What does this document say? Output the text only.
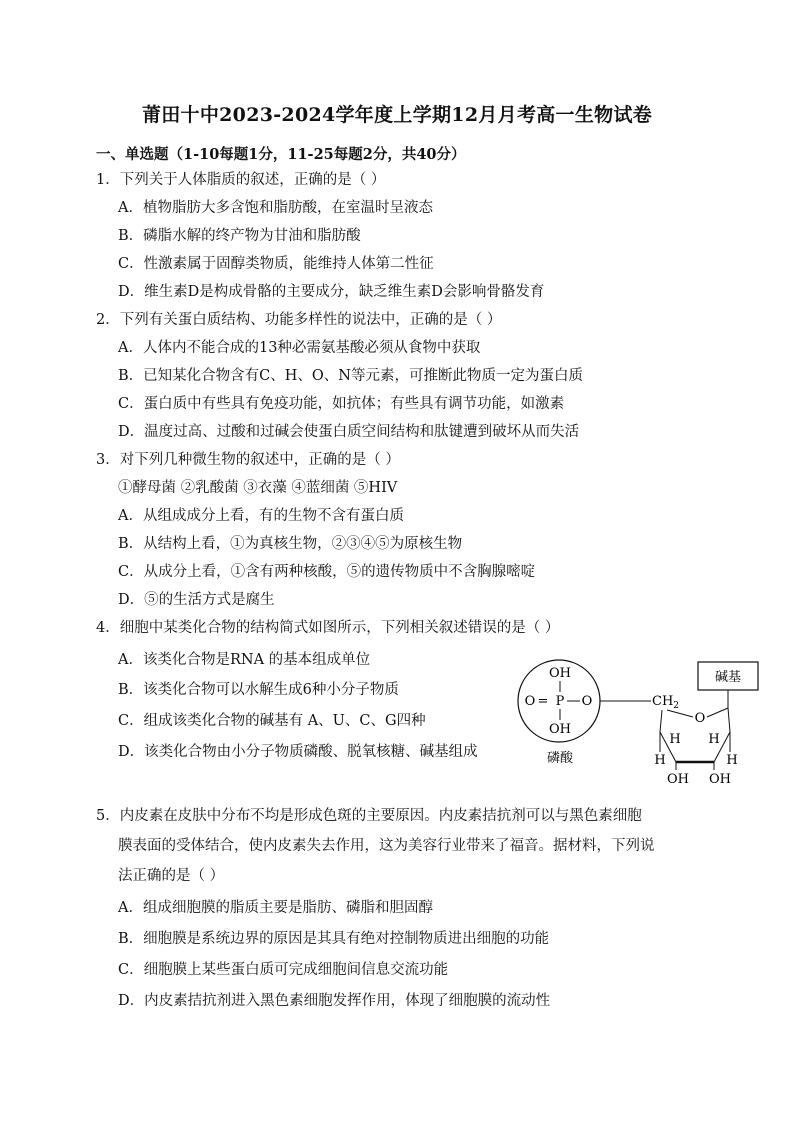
莆田十中2023-2024学年度上学期12月月考高一生物试卷
一、单选题（1-10每题1分，11-25每题2分，共40分）
1．下列关于人体脂质的叙述，正确的是（ ）
A．植物脂肪大多含饱和脂肪酸，在室温时呈液态
B．磷脂水解的终产物为甘油和脂肪酸
C．性激素属于固醇类物质，能维持人体第二性征
D．维生素D是构成骨骼的主要成分，缺乏维生素D会影响骨骼发育
2．下列有关蛋白质结构、功能多样性的说法中，正确的是（ ）
A．人体内不能合成的13种必需氨基酸必须从食物中获取
B．已知某化合物含有C、H、O、N等元素，可推断此物质一定为蛋白质
C．蛋白质中有些具有免疫功能，如抗体；有些具有调节功能，如激素
D．温度过高、过酸和过碱会使蛋白质空间结构和肽键遭到破坏从而失活
3．对下列几种微生物的叙述中，正确的是（ ）
①酵母菌 ②乳酸菌 ③衣藻 ④蓝细菌 ⑤HIV
A．从组成成分上看，有的生物不含有蛋白质
B．从结构上看，①为真核生物，②③④⑤为原核生物
C．从成分上看，①含有两种核酸，⑤的遗传物质中不含胸腺嘧啶
D．⑤的生活方式是腐生
4．细胞中某类化合物的结构简式如图所示，下列相关叙述错误的是（ ）
A．该类化合物是RNA 的基本组成单位
B．该类化合物可以水解生成6种小分子物质
C．组成该类化合物的碱基有 A、U、C、G四种
D．该类化合物由小分子物质磷酸、脱氧核糖、碱基组成
OH
O = P O
OH
磷酸
$CH_2$
O
H	H
H H
OH OH
碱基
5．内皮素在皮肤中分布不均是形成色斑的主要原因。内皮素拮抗剂可以与黑色素细胞
膜表面的受体结合，使内皮素失去作用，这为美容行业带来了福音。据材料，下列说
法正确的是（ ）
A．组成细胞膜的脂质主要是脂肪、磷脂和胆固醇
B．细胞膜是系统边界的原因是其具有绝对控制物质进出细胞的功能
C．细胞膜上某些蛋白质可完成细胞间信息交流功能
D．内皮素拮抗剂进入黑色素细胞发挥作用，体现了细胞膜的流动性
